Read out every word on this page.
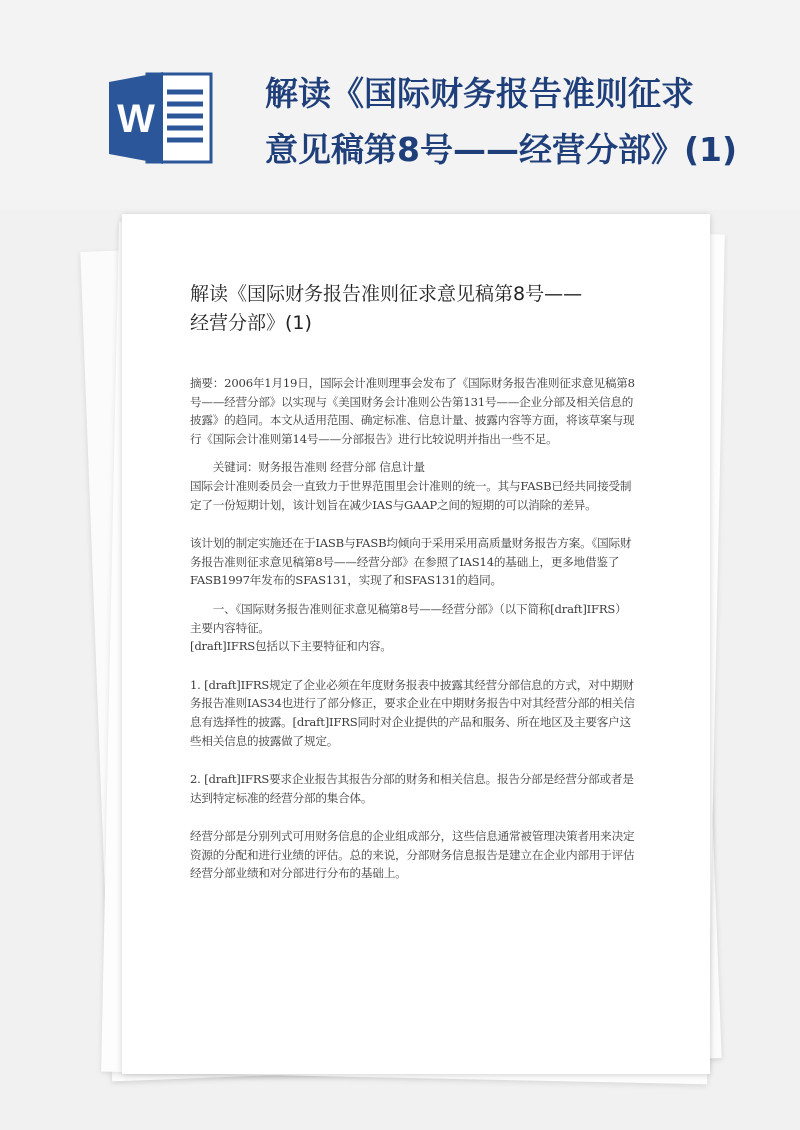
W
解读《国际财务报告准则征求
意见稿第8号——经营分部》(1)
解读《国际财务报告准则征求意见稿第8号——
经营分部》(1)

摘要：2006年1月19日，国际会计准则理事会发布了《国际财务报告准则征求意见稿第8号——经营分部》以实现与《美国财务会计准则公告第131号——企业分部及相关信息的披露》的趋同。本文从适用范围、确定标准、信息计量、披露内容等方面，将该草案与现行《国际会计准则第14号——分部报告》进行比较说明并指出一些不足。

　　关键词：财务报告准则 经营分部 信息计量

国际会计准则委员会一直致力于世界范围里会计准则的统一。其与FASB已经共同接受制定了一份短期计划，该计划旨在减少IAS与GAAP之间的短期的可以消除的差异。

该计划的制定实施还在于IASB与FASB均倾向于采用采用高质量财务报告方案。《国际财务报告准则征求意见稿第8号——经营分部》在参照了IAS14的基础上，更多地借鉴了FASB1997年发布的SFAS131，实现了和SFAS131的趋同。

　　一、《国际财务报告准则征求意见稿第8号——经营分部》（以下简称[draft]IFRS）主要内容特征。

[draft]IFRS包括以下主要特征和内容。

1. [draft]IFRS规定了企业必须在年度财务报表中披露其经营分部信息的方式，对中期财务报告准则IAS34也进行了部分修正，要求企业在中期财务报告中对其经营分部的相关信息有选择性的披露。[draft]IFRS同时对企业提供的产品和服务、所在地区及主要客户这些相关信息的披露做了规定。

2. [draft]IFRS要求企业报告其报告分部的财务和相关信息。报告分部是经营分部或者是达到特定标准的经营分部的集合体。

经营分部是分别列式可用财务信息的企业组成部分，这些信息通常被管理决策者用来决定资源的分配和进行业绩的评估。总的来说，分部财务信息报告是建立在企业内部用于评估经营分部业绩和对分部进行分布的基础上。
